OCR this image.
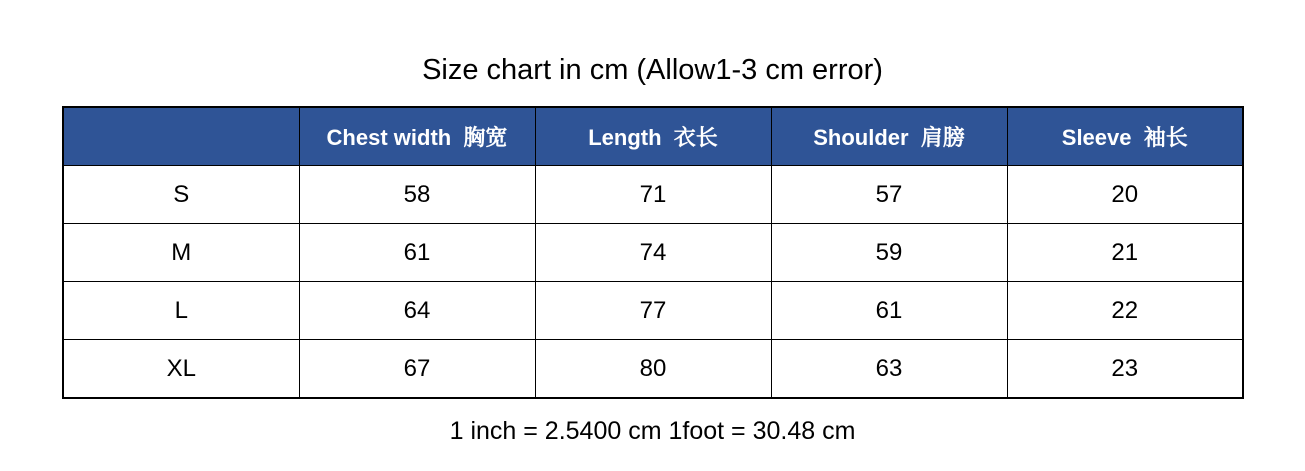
Size chart in cm (Allow1-3 cm error)
	Chest width  胸宽	Length  衣长	Shoulder  肩膀	Sleeve  袖长
S	58	71	57	20
M	61	74	59	21
L	64	77	61	22
XL	67	80	63	23

1 inch = 2.5400 cm 1foot = 30.48 cm
